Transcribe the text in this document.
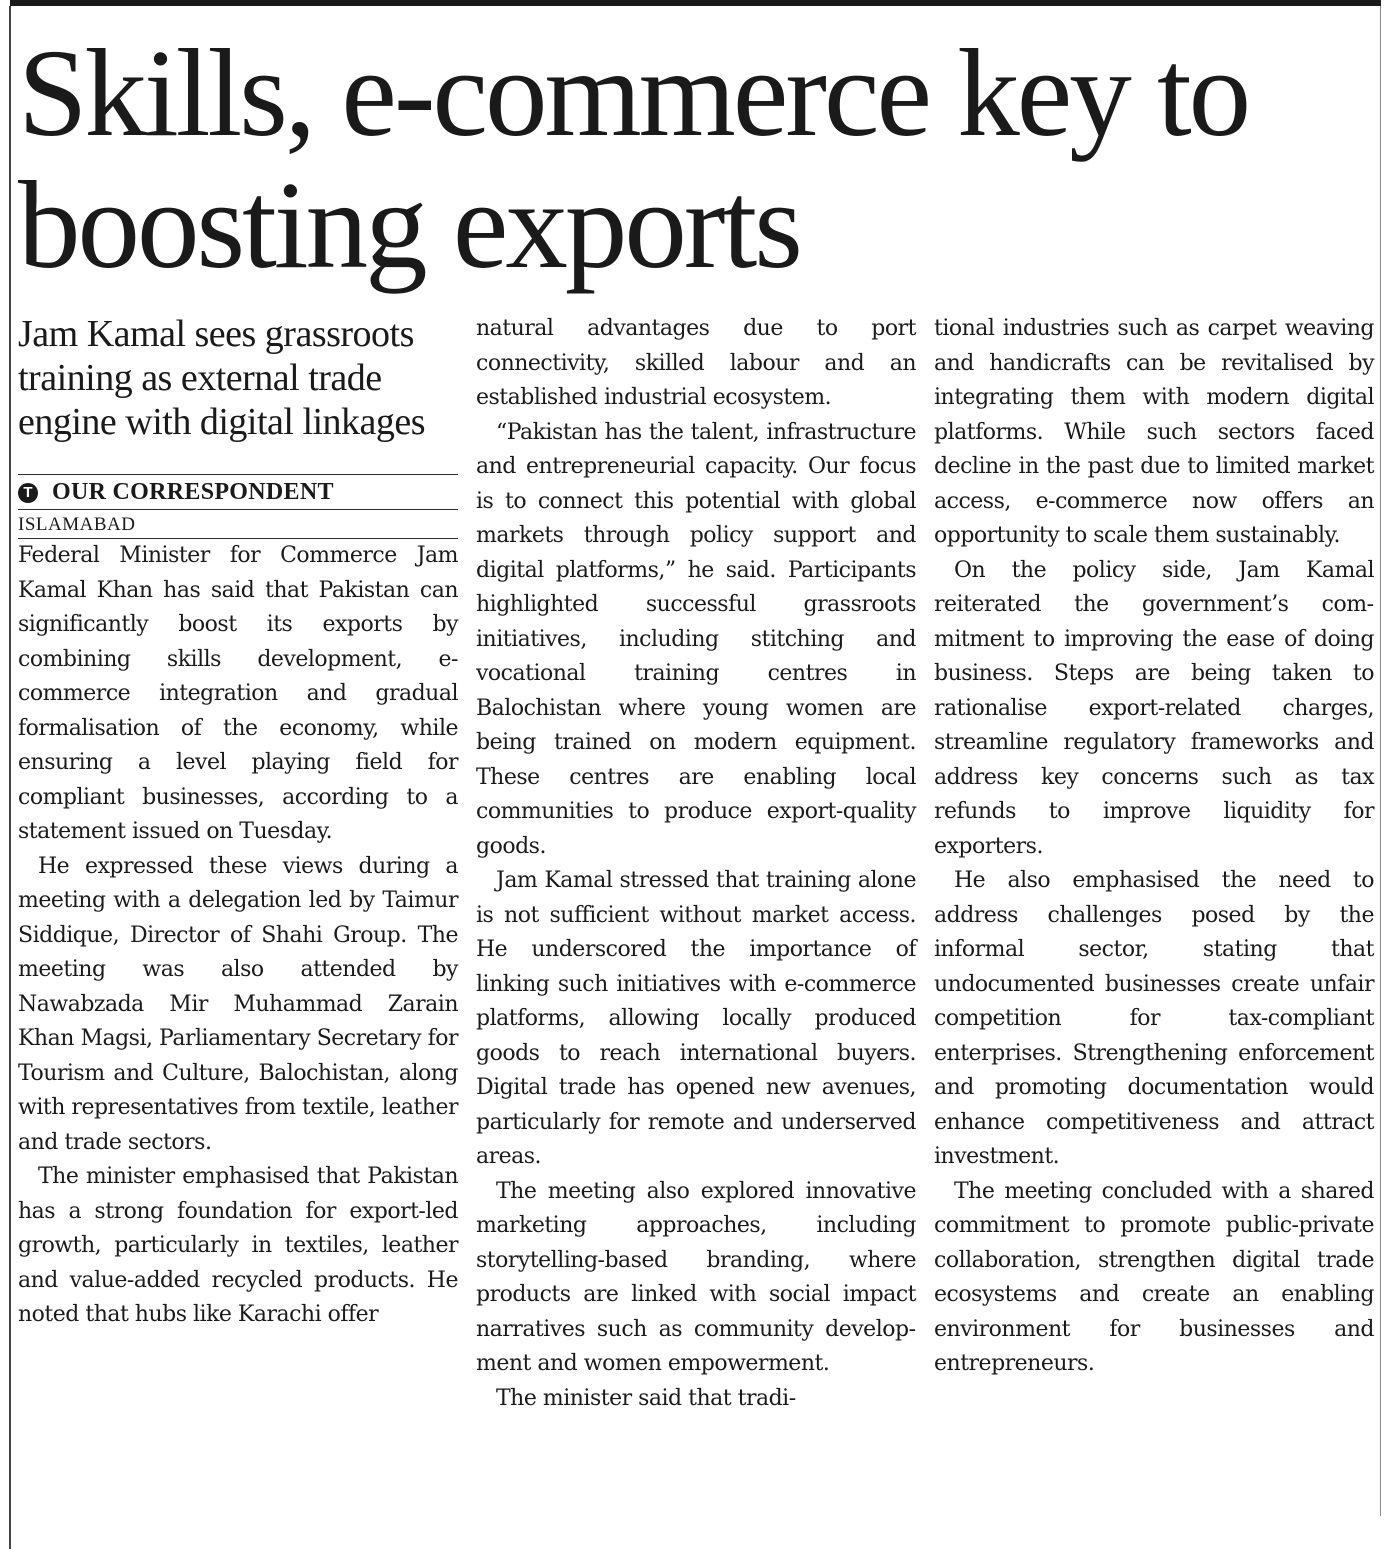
Skills, e-commerce key to boosting exports
Jam Kamal sees grassroots training as external trade engine with digital linkages
T OUR CORRESPONDENT
ISLAMABAD

Federal Minister for Commerce Jam Kamal Khan has said that Pakistan can significantly boost its exports by combining skills development, e-commerce integration and gradual formalisation of the economy, while ensuring a level playing field for compliant businesses, according to a statement issued on Tuesday.

He expressed these views during a meeting with a delegation led by Taimur Siddique, Director of Shahi Group. The meeting was also attended by Nawabzada Mir Muhammad Zarain Khan Magsi, Parliamentary Secretary for Tourism and Culture, Balochistan, along with representatives from textile, leather and trade sectors.

The minister emphasised that Pakistan has a strong foundation for export-led growth, particularly in textiles, leather and value-added recycled products. He noted that hubs like Karachi offer

natural advantages due to port connectivity, skilled labour and an established industrial ecosystem.

“Pakistan has the talent, infrastructure and entrepreneurial capacity. Our focus is to connect this potential with global markets through policy support and digital platforms,” he said. Participants highlighted successful grassroots initiatives, including stitching and vocational training centres in Balochistan where young women are being trained on modern equipment. These centres are enabling local communities to produce export-quality goods.

Jam Kamal stressed that training alone is not sufficient without market access. He underscored the importance of linking such initiatives with e-commerce platforms, allowing locally produced goods to reach international buyers. Digital trade has opened new avenues, particularly for remote and underserved areas.

The meeting also explored innovative marketing approaches, including storytelling-based branding, where products are linked with social impact narratives such as community development and women empowerment.

The minister said that tradi-

tional industries such as carpet weaving and handicrafts can be revitalised by integrating them with modern digital platforms. While such sectors faced decline in the past due to limited market access, e-commerce now offers an opportunity to scale them sustainably.

On the policy side, Jam Kamal reiterated the government’s commitment to improving the ease of doing business. Steps are being taken to rationalise export-related charges, streamline regulatory frameworks and address key concerns such as tax refunds to improve liquidity for exporters.

He also emphasised the need to address challenges posed by the informal sector, stating that undocumented businesses create unfair competition for tax-compliant enterprises. Strengthening enforcement and promoting documentation would enhance competitiveness and attract investment.

The meeting concluded with a shared commitment to promote public-private collaboration, strengthen digital trade ecosystems and create an enabling environment for businesses and entrepreneurs.
